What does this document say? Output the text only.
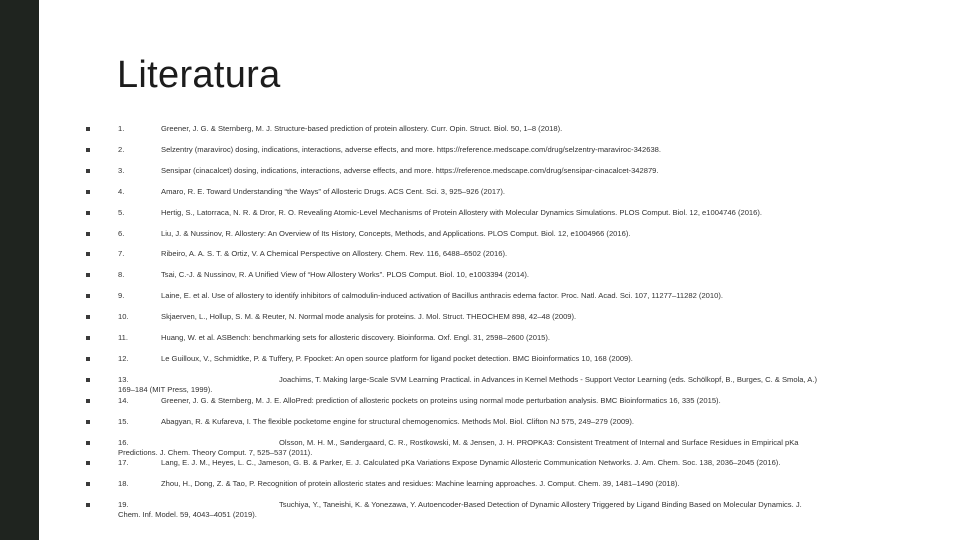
Literatura
1.	Greener, J. G. & Sternberg, M. J. Structure-based prediction of protein allostery. Curr. Opin. Struct. Biol. 50, 1–8 (2018).
2.	Selzentry (maraviroc) dosing, indications, interactions, adverse effects, and more. https://reference.medscape.com/drug/selzentry-maraviroc-342638.
3.	Sensipar (cinacalcet) dosing, indications, interactions, adverse effects, and more. https://reference.medscape.com/drug/sensipar-cinacalcet-342879.
4.	Amaro, R. E. Toward Understanding “the Ways” of Allosteric Drugs. ACS Cent. Sci. 3, 925–926 (2017).
5.	Hertig, S., Latorraca, N. R. & Dror, R. O. Revealing Atomic-Level Mechanisms of Protein Allostery with Molecular Dynamics Simulations. PLOS Comput. Biol. 12, e1004746 (2016).
6.	Liu, J. & Nussinov, R. Allostery: An Overview of Its History, Concepts, Methods, and Applications. PLOS Comput. Biol. 12, e1004966 (2016).
7.	Ribeiro, A. A. S. T. & Ortiz, V. A Chemical Perspective on Allostery. Chem. Rev. 116, 6488–6502 (2016).
8.	Tsai, C.-J. & Nussinov, R. A Unified View of “How Allostery Works”. PLOS Comput. Biol. 10, e1003394 (2014).
9.	Laine, E. et al. Use of allostery to identify inhibitors of calmodulin-induced activation of Bacillus anthracis edema factor. Proc. Natl. Acad. Sci. 107, 11277–11282 (2010).
10.	Skjaerven, L., Hollup, S. M. & Reuter, N. Normal mode analysis for proteins. J. Mol. Struct. THEOCHEM 898, 42–48 (2009).
11.	Huang, W. et al. ASBench: benchmarking sets for allosteric discovery. Bioinforma. Oxf. Engl. 31, 2598–2600 (2015).
12.	Le Guilloux, V., Schmidtke, P. & Tuffery, P. Fpocket: An open source platform for ligand pocket detection. BMC Bioinformatics 10, 168 (2009).
13.	Joachims, T. Making large-Scale SVM Learning Practical. in Advances in Kernel Methods - Support Vector Learning (eds. Schölkopf, B., Burges, C. & Smola, A.) 169–184 (MIT Press, 1999).
14.	Greener, J. G. & Sternberg, M. J. E. AlloPred: prediction of allosteric pockets on proteins using normal mode perturbation analysis. BMC Bioinformatics 16, 335 (2015).
15.	Abagyan, R. & Kufareva, I. The flexible pocketome engine for structural chemogenomics. Methods Mol. Biol. Clifton NJ 575, 249–279 (2009).
16.	Olsson, M. H. M., Søndergaard, C. R., Rostkowski, M. & Jensen, J. H. PROPKA3: Consistent Treatment of Internal and Surface Residues in Empirical pKa Predictions. J. Chem. Theory Comput. 7, 525–537 (2011).
17.	Lang, E. J. M., Heyes, L. C., Jameson, G. B. & Parker, E. J. Calculated pKa Variations Expose Dynamic Allosteric Communication Networks. J. Am. Chem. Soc. 138, 2036–2045 (2016).
18.	Zhou, H., Dong, Z. & Tao, P. Recognition of protein allosteric states and residues: Machine learning approaches. J. Comput. Chem. 39, 1481–1490 (2018).
19.	Tsuchiya, Y., Taneishi, K. & Yonezawa, Y. Autoencoder-Based Detection of Dynamic Allostery Triggered by Ligand Binding Based on Molecular Dynamics. J. Chem. Inf. Model. 59, 4043–4051 (2019).
